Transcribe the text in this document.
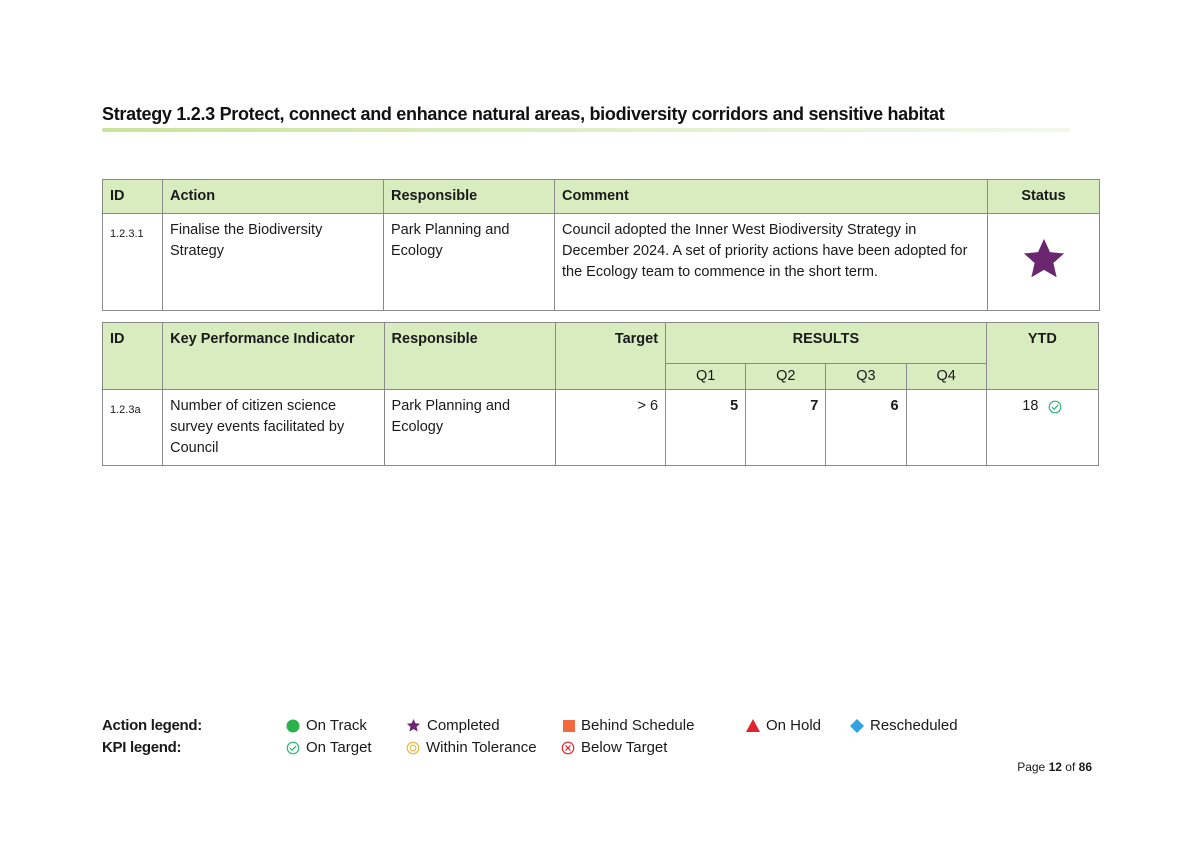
Strategy 1.2.3 Protect, connect and enhance natural areas, biodiversity corridors and sensitive habitat
ID	Action	Responsible	Comment	Status
1.2.3.1	Finalise the Biodiversity Strategy	Park Planning and Ecology	Council adopted the Inner West Biodiversity Strategy in December 2024. A set of priority actions have been adopted for the Ecology team to commence in the short term.	
ID	Key Performance Indicator	Responsible	Target	RESULTS				YTD
				Q1	Q2	Q3	Q4	
1.2.3a	Number of citizen science survey events facilitated by Council	Park Planning and Ecology	> 6	5	7	6		18
Action legend:
KPI legend:
On Track	Completed	Behind Schedule	On Hold	Rescheduled
On Target	Within Tolerance	Below Target
Page 12 of 86
